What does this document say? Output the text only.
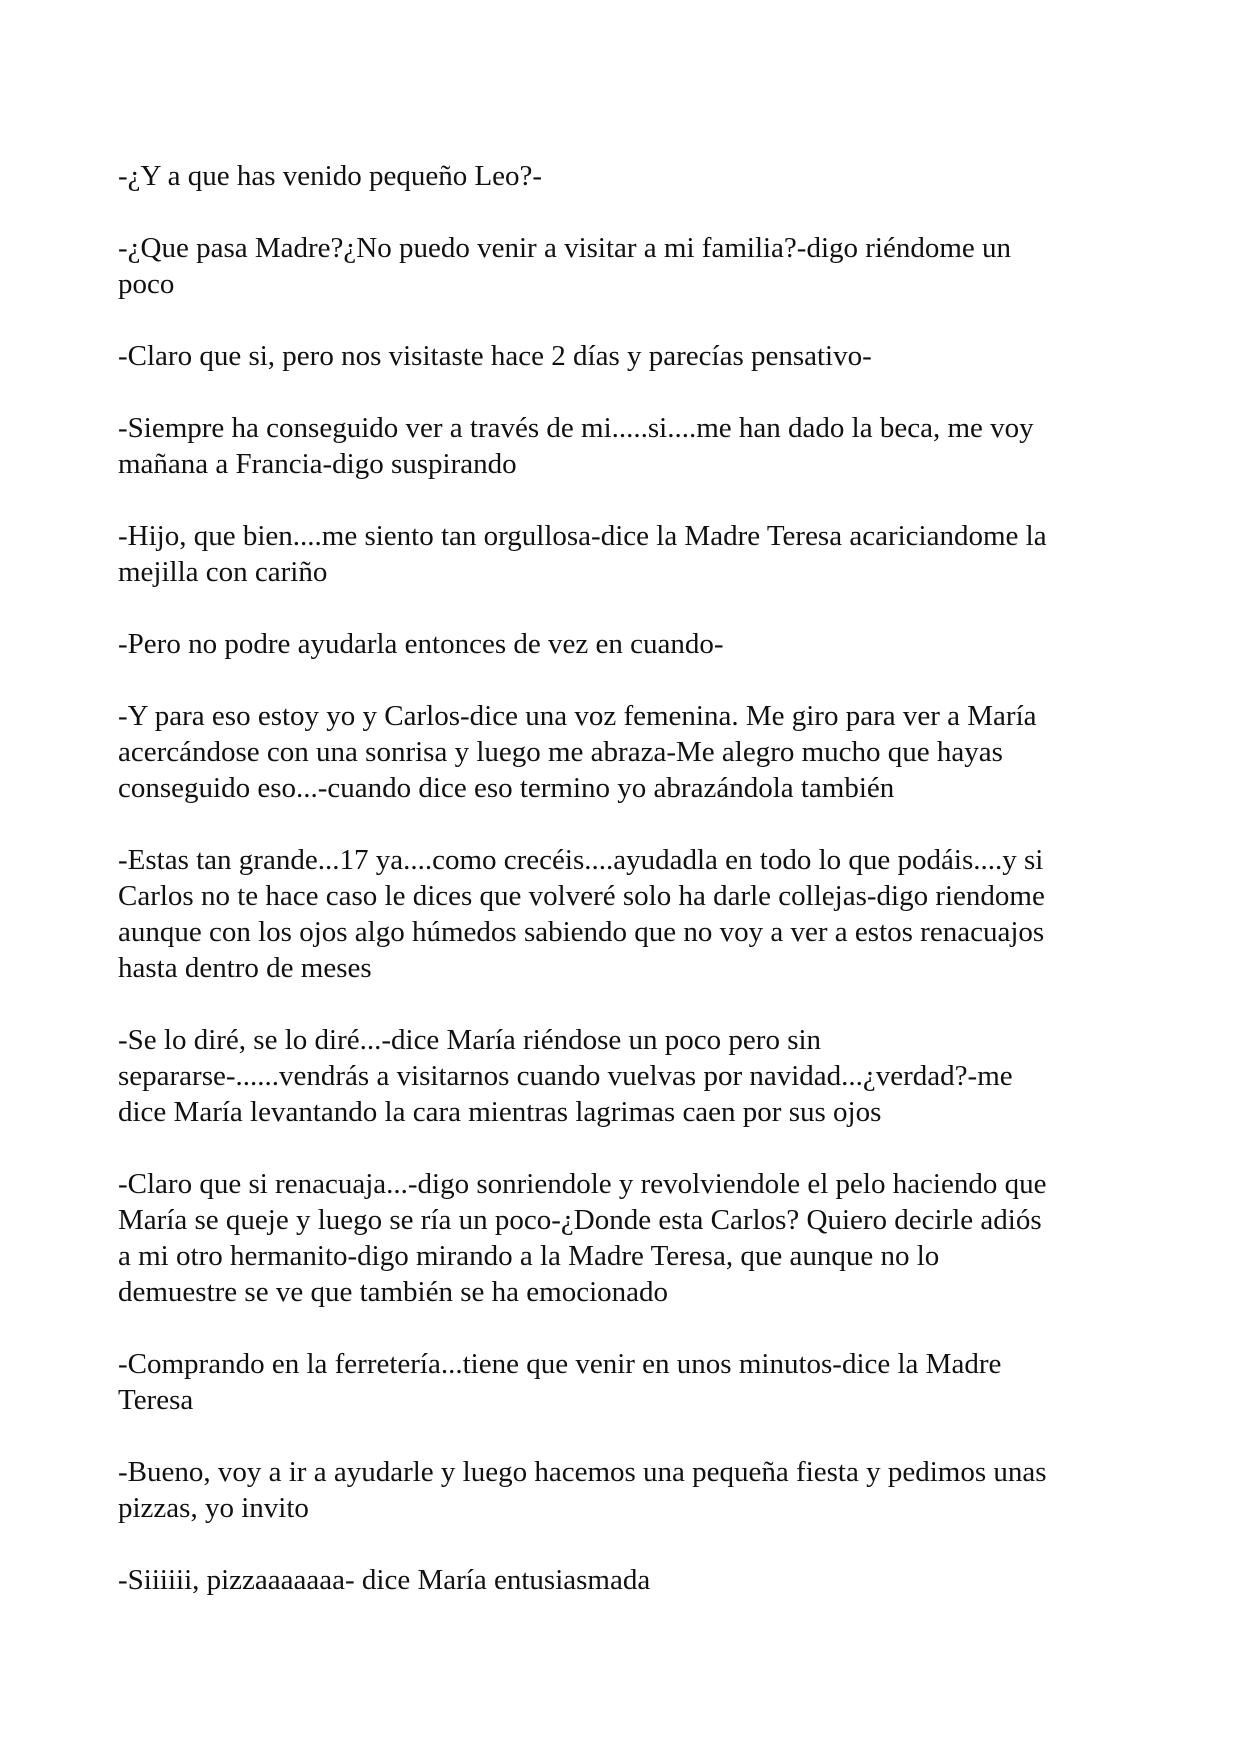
-¿Y a que has venido pequeño Leo?-

-¿Que pasa Madre?¿No puedo venir a visitar a mi familia?-digo riéndome un
poco

-Claro que si, pero nos visitaste hace 2 días y parecías pensativo-

-Siempre ha conseguido ver a través de mi.....si....me han dado la beca, me voy
mañana a Francia-digo suspirando

-Hijo, que bien....me siento tan orgullosa-dice la Madre Teresa acariciandome la
mejilla con cariño

-Pero no podre ayudarla entonces de vez en cuando-

-Y para eso estoy yo y Carlos-dice una voz femenina. Me giro para ver a María
acercándose con una sonrisa y luego me abraza-Me alegro mucho que hayas
conseguido eso...-cuando dice eso termino yo abrazándola también

-Estas tan grande...17 ya....como crecéis....ayudadla en todo lo que podáis....y si
Carlos no te hace caso le dices que volveré solo ha darle collejas-digo riendome
aunque con los ojos algo húmedos sabiendo que no voy a ver a estos renacuajos
hasta dentro de meses

-Se lo diré, se lo diré...-dice María riéndose un poco pero sin
separarse-......vendrás a visitarnos cuando vuelvas por navidad...¿verdad?-me
dice María levantando la cara mientras lagrimas caen por sus ojos

-Claro que si renacuaja...-digo sonriendole y revolviendole el pelo haciendo que
María se queje y luego se ría un poco-¿Donde esta Carlos? Quiero decirle adiós
a mi otro hermanito-digo mirando a la Madre Teresa, que aunque no lo
demuestre se ve que también se ha emocionado

-Comprando en la ferretería...tiene que venir en unos minutos-dice la Madre
Teresa

-Bueno, voy a ir a ayudarle y luego hacemos una pequeña fiesta y pedimos unas
pizzas, yo invito

-Siiiiii, pizzaaaaaaa- dice María entusiasmada
